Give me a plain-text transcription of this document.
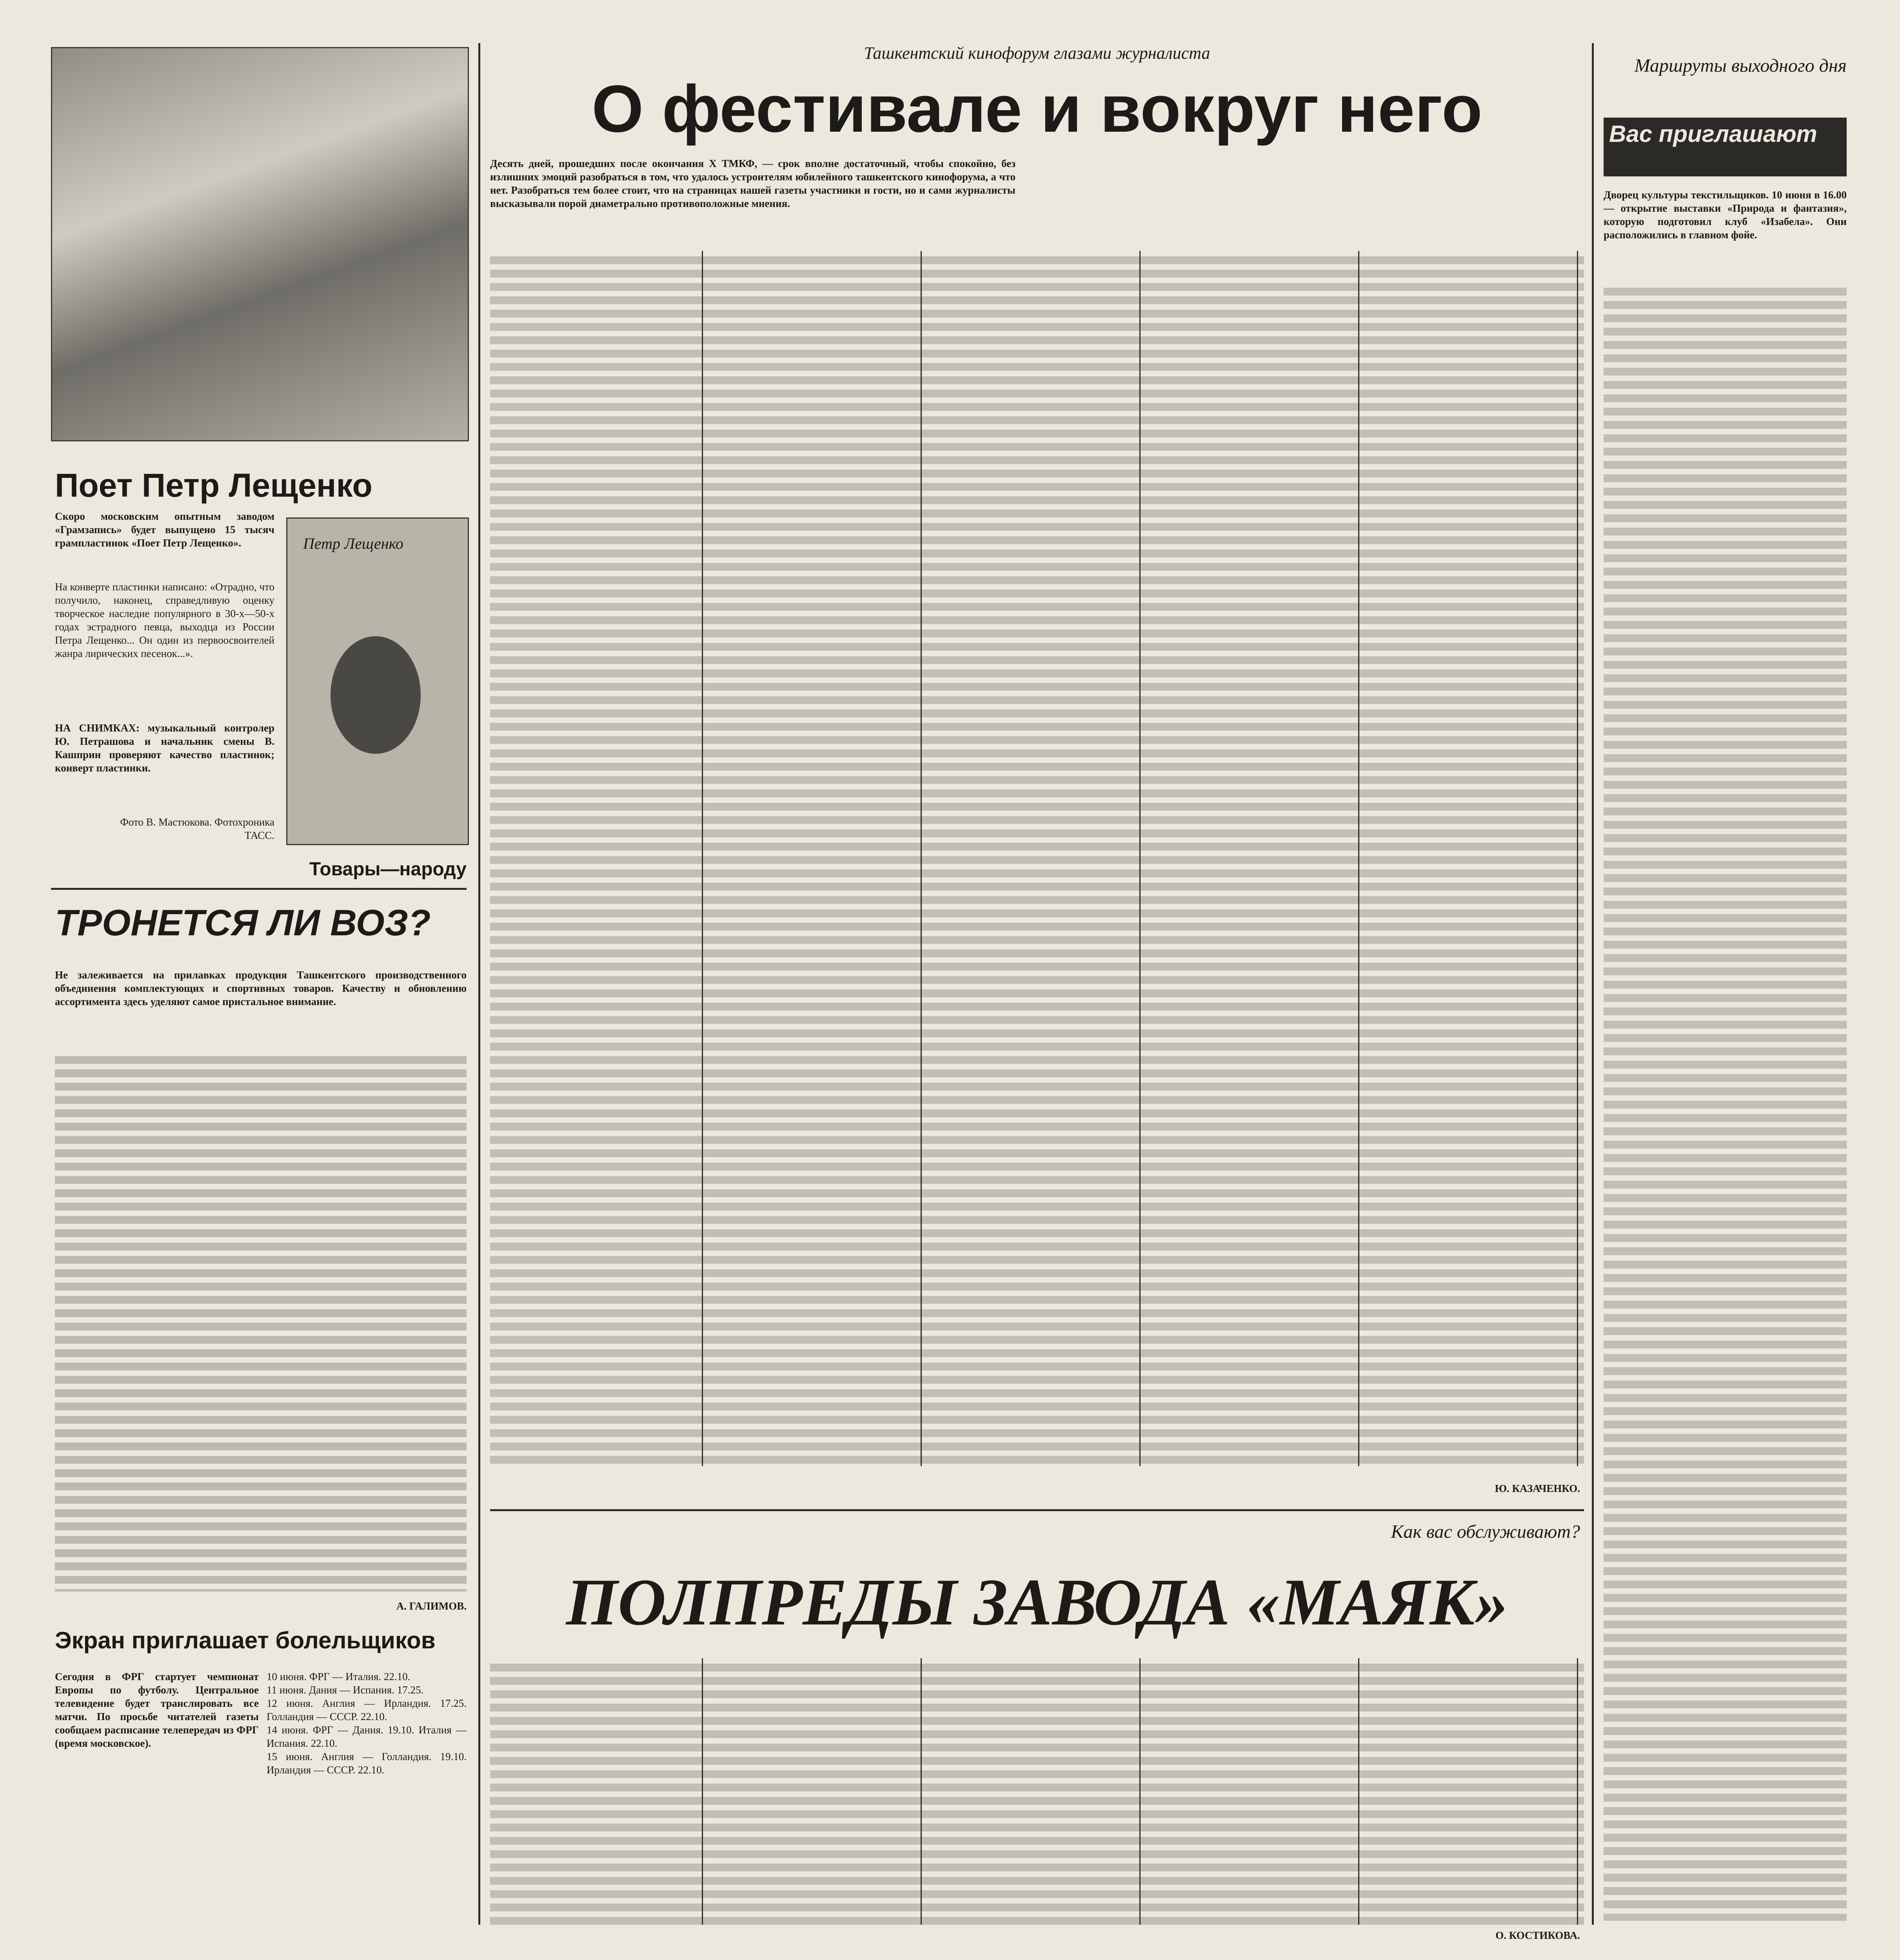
Поет Петр Лещенко
Скоро московским опытным заводом «Грамзапись» будет выпущено 15 тысяч грампластинок «Поет Петр Лещенко».
На конверте пластинки написано: «Отрадно, что получило, наконец, справедливую оценку творческое наследие популярного в 30-х—50-х годах эстрадного певца, выходца из России Петра Лещенко... Он один из первоосвоителей жанра лирических песенок...».
НА СНИМКАХ: музыкальный контролер Ю. Петрашова и начальник смены В. Кашприн проверяют качество пластинок; конверт пластинки.
Фото В. Мастюкова. Фотохроника ТАСС.
Петр Лещенко
Товары—народу
ТРОНЕТСЯ ЛИ ВОЗ?
Не залеживается на прилавках продукция Ташкентского производственного объединения комплектующих и спортивных товаров. Качеству и обновлению ассортимента здесь уделяют самое пристальное внимание.
А. ГАЛИМОВ.
Экран приглашает болельщиков
Сегодня в ФРГ стартует чемпионат Европы по футболу. Центральное телевидение будет транслировать все матчи. По просьбе читателей газеты сообщаем расписание телепередач из ФРГ (время московское).
10 июня. ФРГ — Италия. 22.10.
11 июня. Дания — Испания. 17.25.
12 июня. Англия — Ирландия. 17.25. Голландия — СССР. 22.10.
14 июня. ФРГ — Дания. 19.10. Италия — Испания. 22.10.
15 июня. Англия — Голландия. 19.10. Ирландия — СССР. 22.10.
Ташкентский кинофорум глазами журналиста
О фестивале и вокруг него
Десять дней, прошедших после окончания X ТМКФ, — срок вполне достаточный, чтобы спокойно, без излишних эмоций разобраться в том, что удалось устроителям юбилейного ташкентского кинофорума, а что нет. Разобраться тем более стоит, что на страницах нашей газеты участники и гости, но и сами журналисты высказывали порой диаметрально противоположные мнения.
Ю. КАЗАЧЕНКО.
Как вас обслуживают?
ПОЛПРЕДЫ ЗАВОДА «МАЯК»
О. КОСТИКОВА.
Маршруты выходного дня
Вас приглашают
Дворец культуры текстильщиков. 10 июня в 16.00 — открытие выставки «Природа и фантазия», которую подготовил клуб «Изабела». Они расположились в главном фойе.
